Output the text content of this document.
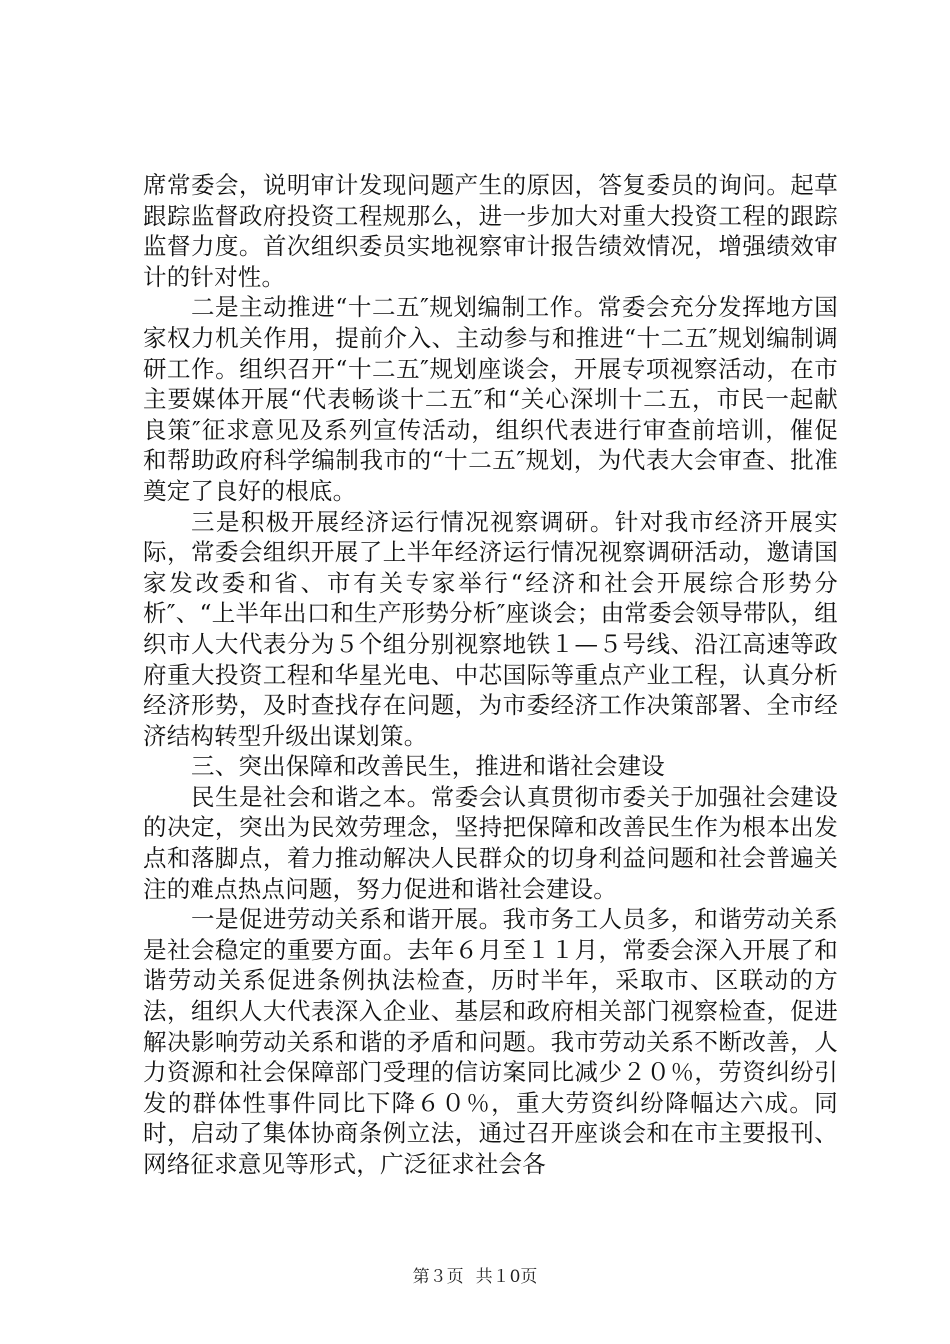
席常委会，说明审计发现问题产生的原因，答复委员的询问。起草跟踪监督政府投资工程规那么，进一步加大对重大投资工程的跟踪监督力度。首次组织委员实地视察审计报告绩效情况，增强绩效审计的针对性。

二是主动推进“十二五″规划编制工作。常委会充分发挥地方国家权力机关作用，提前介入、主动参与和推进“十二五″规划编制调研工作。组织召开“十二五″规划座谈会，开展专项视察活动，在市主要媒体开展“代表畅谈十二五″和“关心深圳十二五，市民一起献良策″征求意见及系列宣传活动，组织代表进行审查前培训，催促和帮助政府科学编制我市的“十二五″规划，为代表大会审查、批准奠定了良好的根底。

三是积极开展经济运行情况视察调研。针对我市经济开展实际，常委会组织开展了上半年经济运行情况视察调研活动，邀请国家发改委和省、市有关专家举行“经济和社会开展综合形势分析″、“上半年出口和生产形势分析″座谈会；由常委会领导带队，组织市人大代表分为５个组分别视察地铁１—５号线、沿江高速等政府重大投资工程和华星光电、中芯国际等重点产业工程，认真分析经济形势，及时查找存在问题，为市委经济工作决策部署、全市经济结构转型升级出谋划策。

三、突出保障和改善民生，推进和谐社会建设

民生是社会和谐之本。常委会认真贯彻市委关于加强社会建设的决定，突出为民效劳理念，坚持把保障和改善民生作为根本出发点和落脚点，着力推动解决人民群众的切身利益问题和社会普遍关注的难点热点问题，努力促进和谐社会建设。

一是促进劳动关系和谐开展。我市务工人员多，和谐劳动关系是社会稳定的重要方面。去年６月至１１月，常委会深入开展了和谐劳动关系促进条例执法检查，历时半年，采取市、区联动的方法，组织人大代表深入企业、基层和政府相关部门视察检查，促进解决影响劳动关系和谐的矛盾和问题。我市劳动关系不断改善，人力资源和社会保障部门受理的信访案同比减少２０％，劳资纠纷引发的群体性事件同比下降６０％，重大劳资纠纷降幅达六成。同时，启动了集体协商条例立法，通过召开座谈会和在市主要报刊、网络征求意见等形式，广泛征求社会各

第３页 共１0页
